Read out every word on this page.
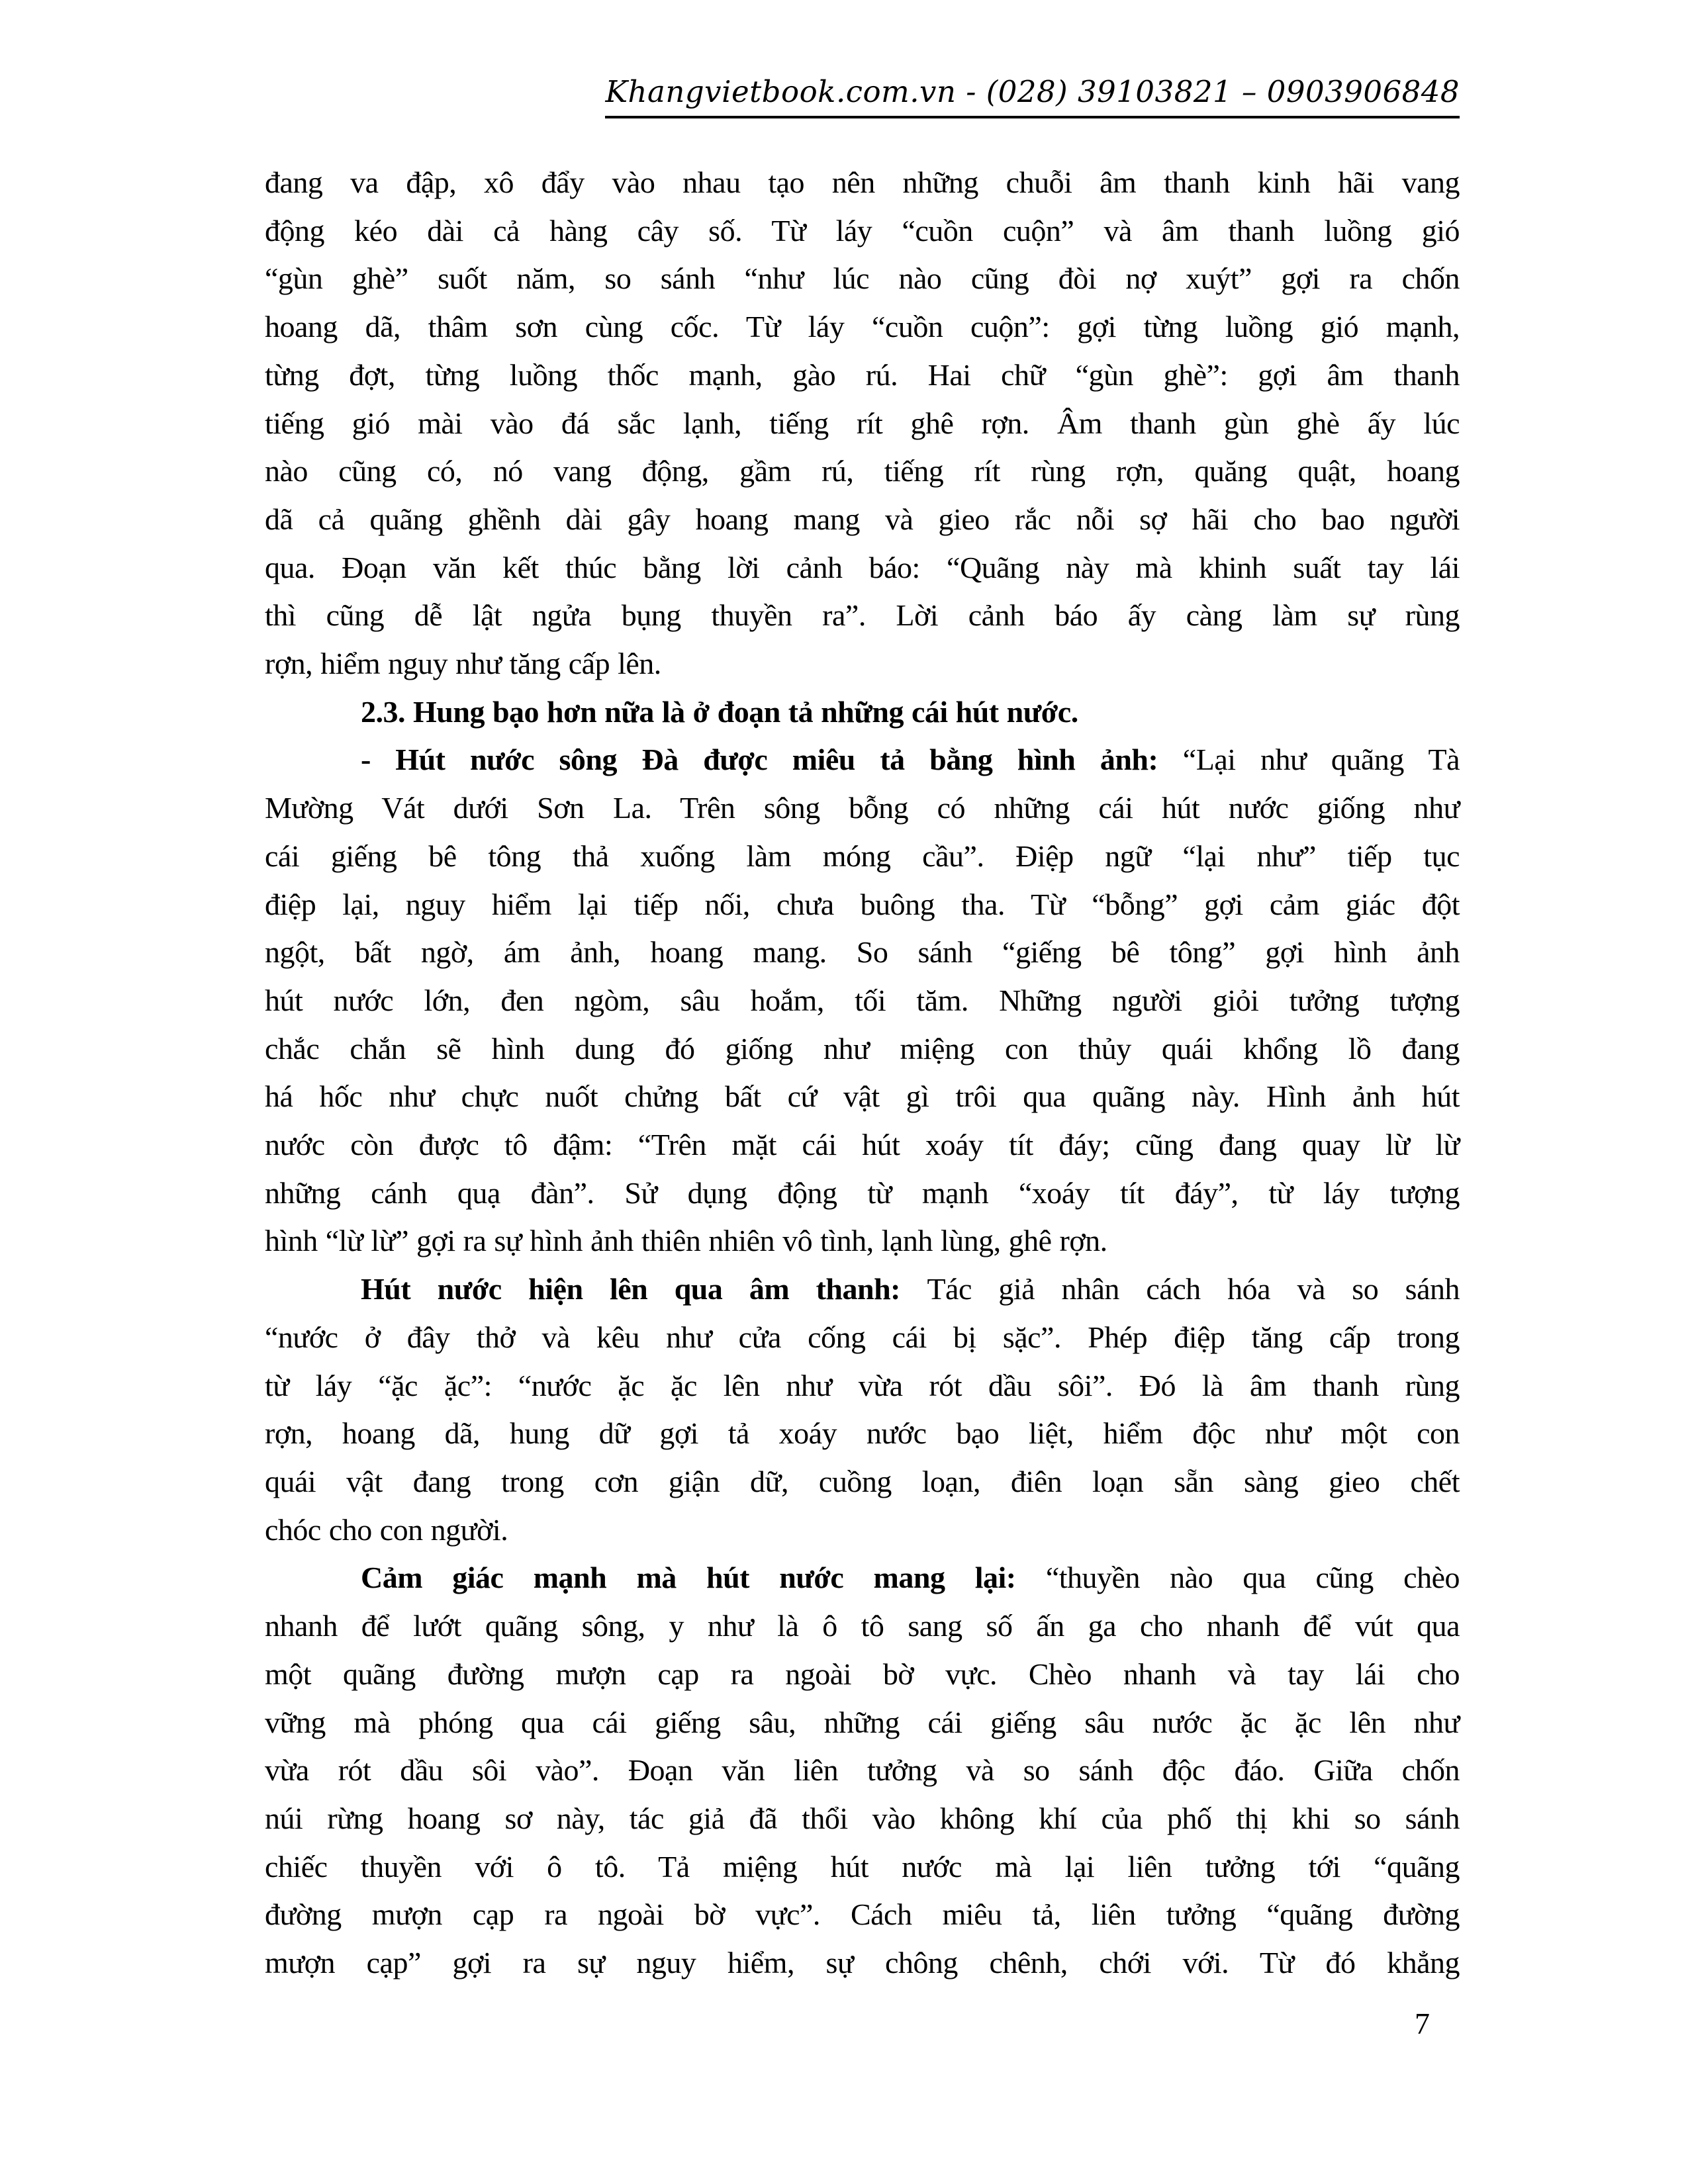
Khangvietbook.com.vn - (028) 39103821 – 0903906848
đang va đập, xô đẩy vào nhau tạo nên những chuỗi âm thanh kinh hãi vang
động kéo dài cả hàng cây số. Từ láy “cuồn cuộn” và âm thanh luồng gió
“gùn ghè” suốt năm, so sánh “như lúc nào cũng đòi nợ xuýt” gợi ra chốn
hoang dã, thâm sơn cùng cốc. Từ láy “cuồn cuộn”: gợi từng luồng gió mạnh,
từng đợt, từng luồng thốc mạnh, gào rú. Hai chữ “gùn ghè”: gợi âm thanh
tiếng gió mài vào đá sắc lạnh, tiếng rít ghê rợn. Âm thanh gùn ghè ấy lúc
nào cũng có, nó vang động, gầm rú, tiếng rít rùng rợn, quăng quật, hoang
dã cả quãng ghềnh dài gây hoang mang và gieo rắc nỗi sợ hãi cho bao người
qua. Đoạn văn kết thúc bằng lời cảnh báo: “Quãng này mà khinh suất tay lái
thì cũng dễ lật ngửa bụng thuyền ra”. Lời cảnh báo ấy càng làm sự rùng
rợn, hiểm nguy như tăng cấp lên.
2.3. Hung bạo hơn nữa là ở đoạn tả những cái hút nước.
- Hút nước sông Đà được miêu tả bằng hình ảnh: “Lại như quãng Tà
Mường Vát dưới Sơn La. Trên sông bỗng có những cái hút nước giống như
cái giếng bê tông thả xuống làm móng cầu”. Điệp ngữ “lại như” tiếp tục
điệp lại, nguy hiểm lại tiếp nối, chưa buông tha. Từ “bỗng” gợi cảm giác đột
ngột, bất ngờ, ám ảnh, hoang mang. So sánh “giếng bê tông” gợi hình ảnh
hút nước lớn, đen ngòm, sâu hoắm, tối tăm. Những người giỏi tưởng tượng
chắc chắn sẽ hình dung đó giống như miệng con thủy quái khổng lồ đang
há hốc như chực nuốt chửng bất cứ vật gì trôi qua quãng này. Hình ảnh hút
nước còn được tô đậm: “Trên mặt cái hút xoáy tít đáy; cũng đang quay lừ lừ
những cánh quạ đàn”. Sử dụng động từ mạnh “xoáy tít đáy”, từ láy tượng
hình “lừ lừ” gợi ra sự hình ảnh thiên nhiên vô tình, lạnh lùng, ghê rợn.
Hút nước hiện lên qua âm thanh: Tác giả nhân cách hóa và so sánh
“nước ở đây thở và kêu như cửa cống cái bị sặc”. Phép điệp tăng cấp trong
từ láy “ặc ặc”: “nước ặc ặc lên như vừa rót dầu sôi”. Đó là âm thanh rùng
rợn, hoang dã, hung dữ gợi tả xoáy nước bạo liệt, hiểm độc như một con
quái vật đang trong cơn giận dữ, cuồng loạn, điên loạn sẵn sàng gieo chết
chóc cho con người.
Cảm giác mạnh mà hút nước mang lại: “thuyền nào qua cũng chèo
nhanh để lướt quãng sông, y như là ô tô sang số ấn ga cho nhanh để vút qua
một quãng đường mượn cạp ra ngoài bờ vực. Chèo nhanh và tay lái cho
vững mà phóng qua cái giếng sâu, những cái giếng sâu nước ặc ặc lên như
vừa rót dầu sôi vào”. Đoạn văn liên tưởng và so sánh độc đáo. Giữa chốn
núi rừng hoang sơ này, tác giả đã thổi vào không khí của phố thị khi so sánh
chiếc thuyền với ô tô. Tả miệng hút nước mà lại liên tưởng tới “quãng
đường mượn cạp ra ngoài bờ vực”. Cách miêu tả, liên tưởng “quãng đường
mượn cạp” gợi ra sự nguy hiểm, sự chông chênh, chới với. Từ đó khẳng
7
